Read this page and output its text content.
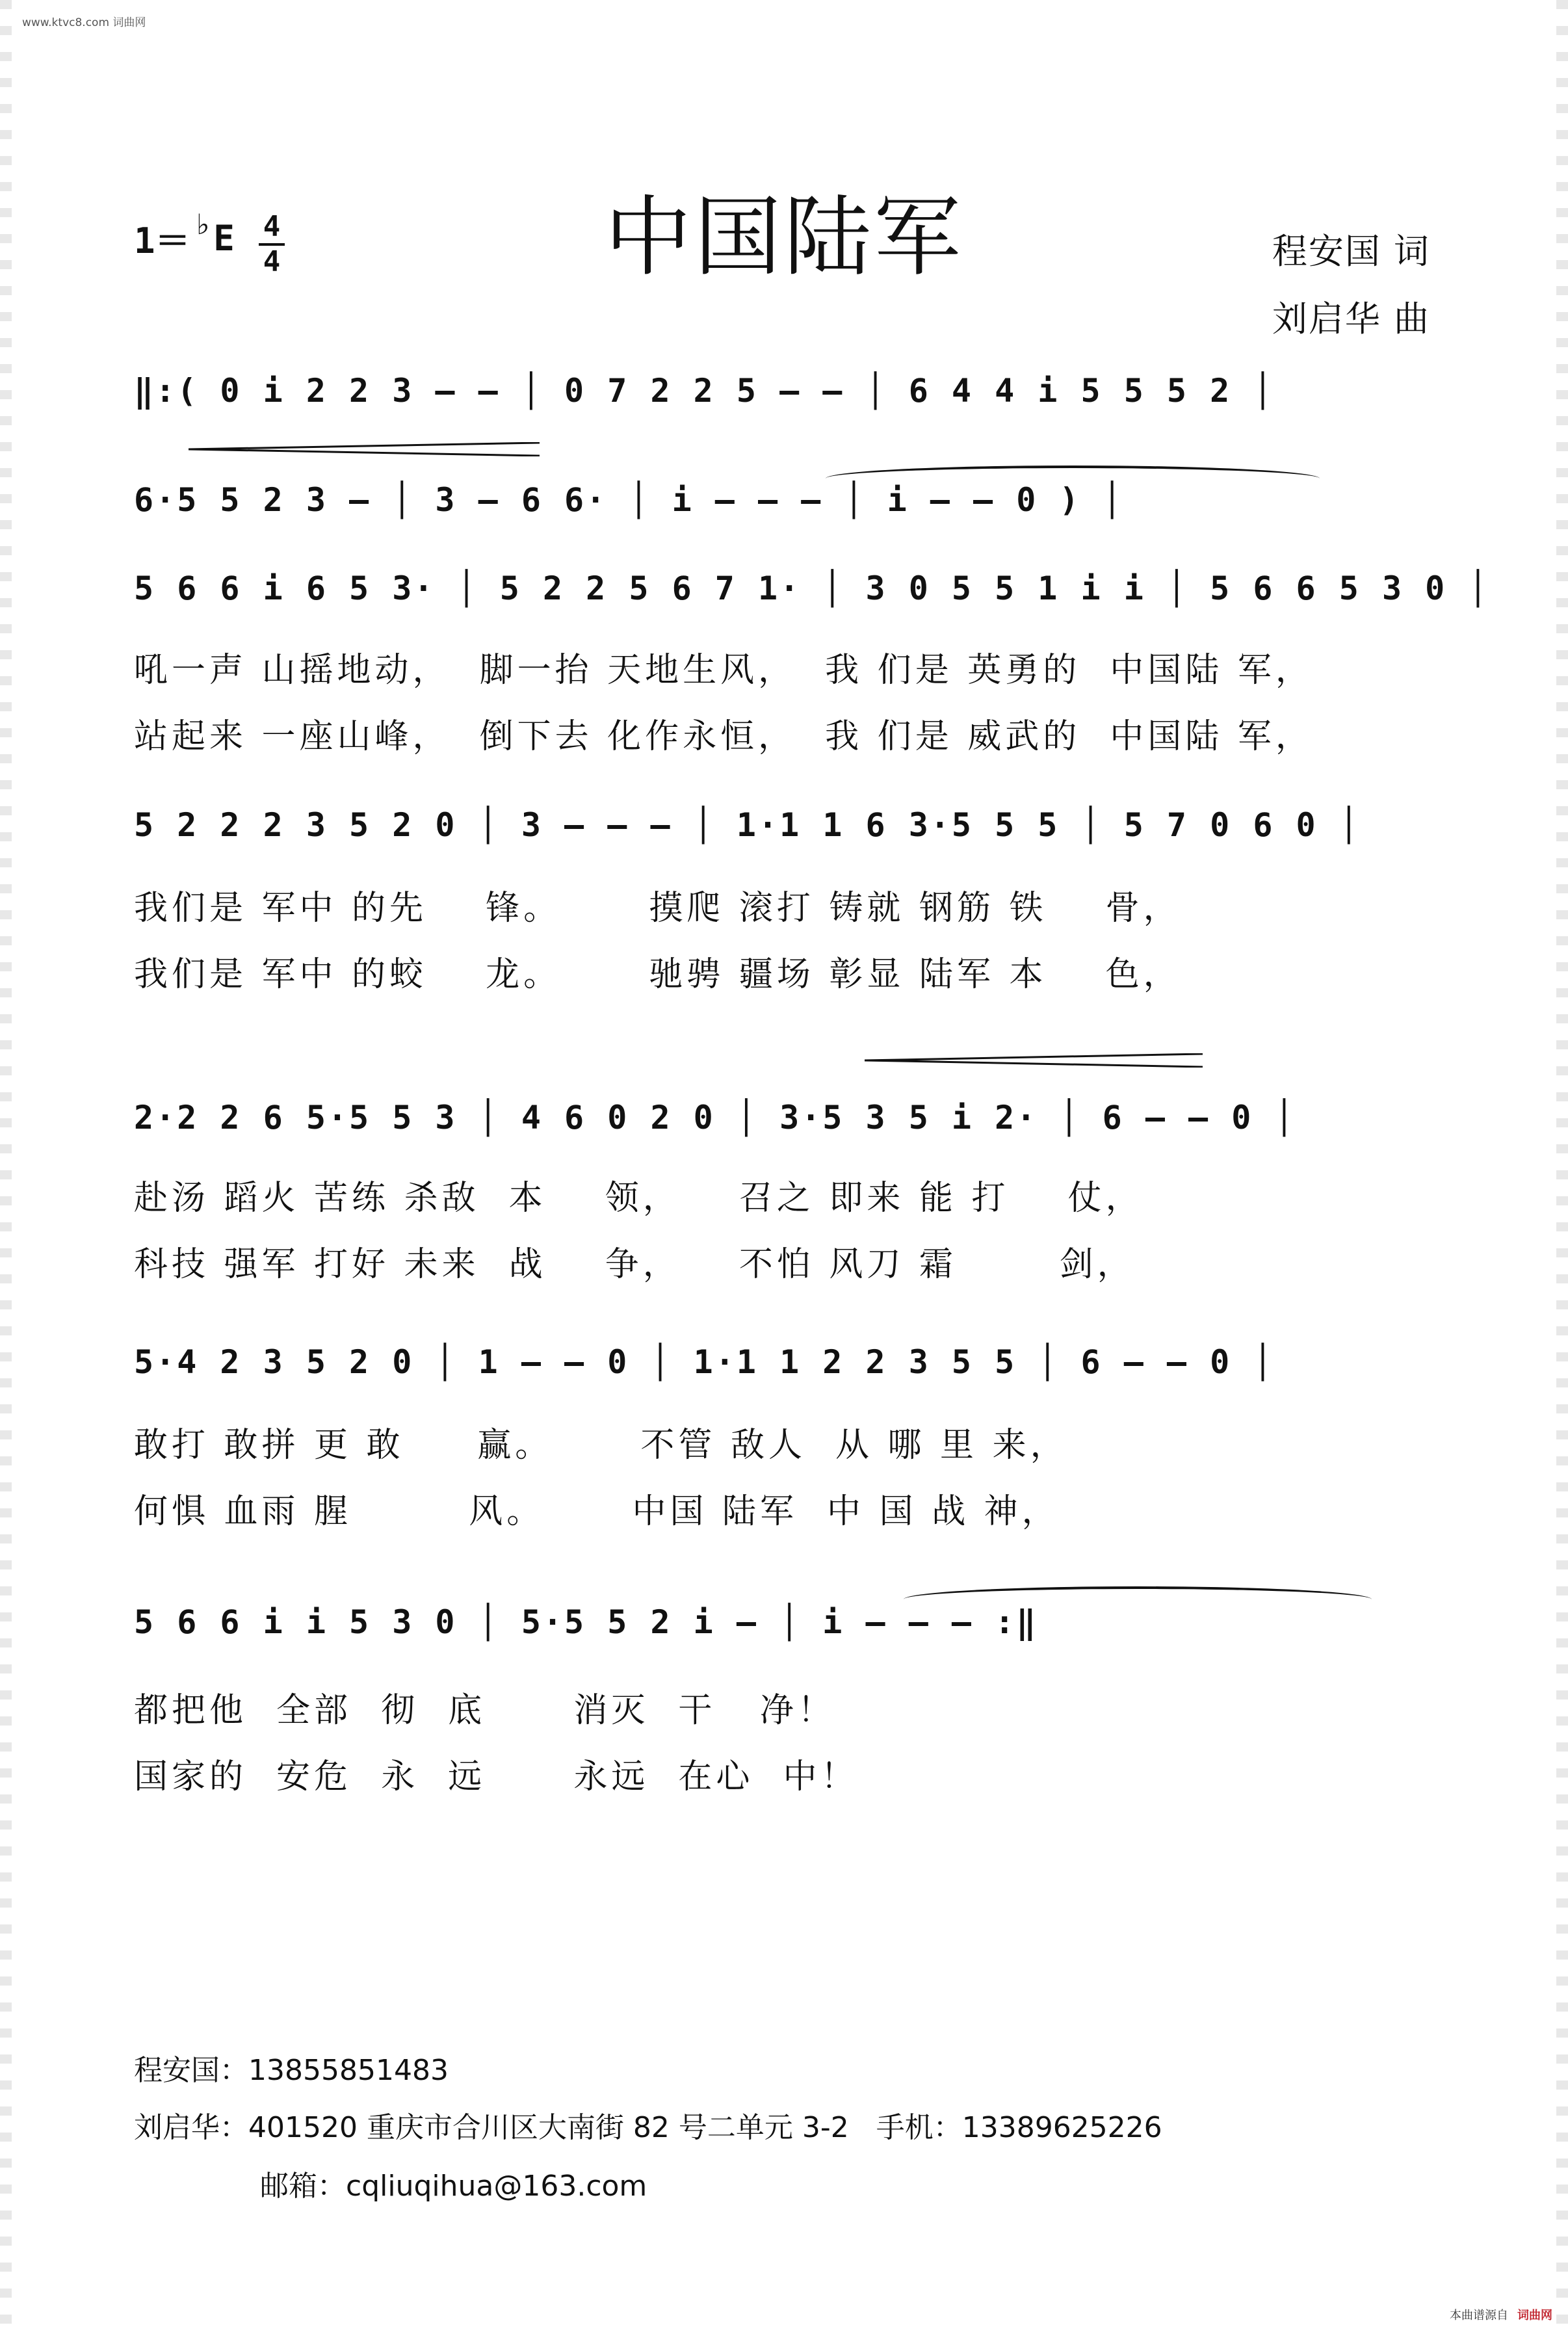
www.ktvc8.com 词曲网
中国陆军
1＝ ♭ E 4
4	程安国 词
刘启华 曲
‖:( 0 i 2 2 3 – – │ 0 7 2 2 5 – – │ 6 4 4 i 5 5 5 2 │
6·5 5 2 3 – │ 3 – 6 6· │ i – – – │ i – – 0 ) │
5 6 6 i 6 5 3· │ 5 2 2 5 6 7 1· │ 3 0 5 5 1 i i │ 5 6 6 5 3 0 │
吼一声 山摇地动，  脚一抬 天地生风，  我 们是 英勇的  中国陆 军，
站起来 一座山峰，  倒下去 化作永恒，  我 们是 威武的  中国陆 军，
5 2 2 2 3 5 2 0 │ 3 – – – │ 1·1 1 6 3·5 5 5 │ 5 7 0 6 0 │
我们是 军中 的先    锋。      摸爬 滚打 铸就 钢筋 铁    骨，
我们是 军中 的蛟    龙。      驰骋 疆场 彰显 陆军 本    色，
2·2 2 6 5·5 5 3 │ 4 6 0 2 0 │ 3·5 3 5 i 2· │ 6 – – 0 │
赴汤 蹈火 苦练 杀敌  本    领，    召之 即来 能 打    仗，
科技 强军 打好 未来  战    争，    不怕 风刀 霜       剑，
5·4 2 3 5 2 0 │ 1 – – 0 │ 1·1 1 2 2 3 5 5 │ 6 – – 0 │
敢打 敢拼 更 敢     赢。      不管 敌人  从 哪 里 来，
何惧 血雨 腥        风。      中国 陆军  中 国 战 神，
5 6 6 i i 5 3 0 │ 5·5 5 2 i – │ i – – – :‖
都把他  全部  彻  底      消灭  干   净！
国家的  安危  永  远      永远  在心  中！
程安国：13855851483
刘启华：401520 重庆市合川区大南街 82 号二单元 3-2   手机：13389625226
邮箱：cqliuqihua@163.com
本曲谱源自 词曲网
